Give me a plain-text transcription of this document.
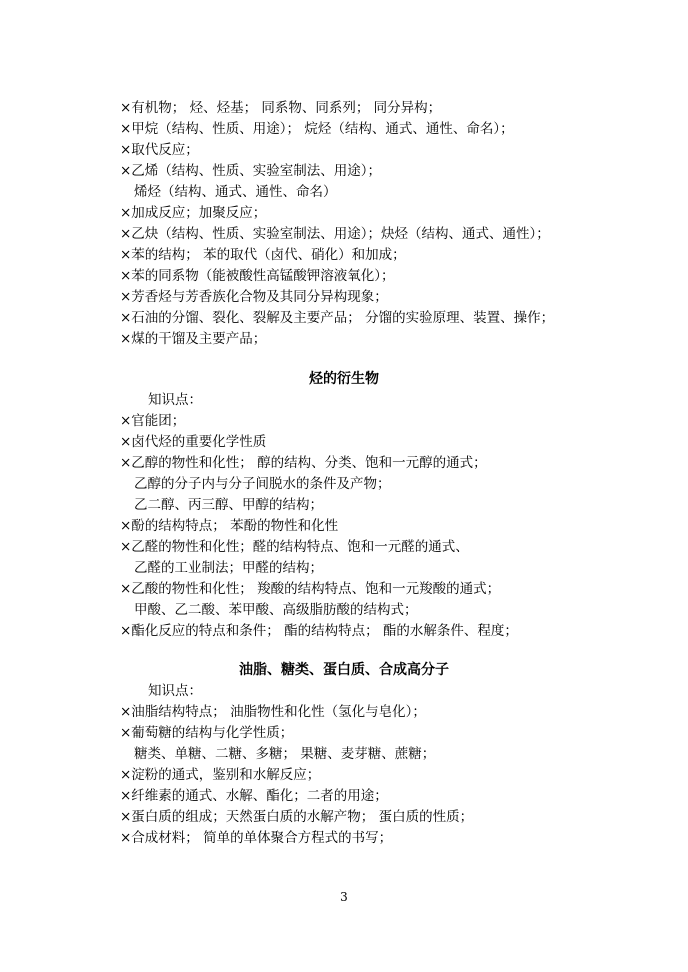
×有机物； 烃、烃基； 同系物、同系列； 同分异构；
×甲烷（结构、性质、用途）； 烷烃（结构、通式、通性、命名）；
×取代反应；
×乙烯（结构、性质、实验室制法、用途）；
烯烃（结构、通式、通性、命名）
×加成反应；加聚反应；
×乙炔（结构、性质、实验室制法、用途）；炔烃（结构、通式、通性）；
×苯的结构； 苯的取代（卤代、硝化）和加成；
×苯的同系物（能被酸性高锰酸钾溶液氧化）；
×芳香烃与芳香族化合物及其同分异构现象；
×石油的分馏、裂化、裂解及主要产品； 分馏的实验原理、装置、操作；
×煤的干馏及主要产品；
烃的衍生物
知识点：
×官能团；
×卤代烃的重要化学性质
×乙醇的物性和化性； 醇的结构、分类、饱和一元醇的通式；
乙醇的分子内与分子间脱水的条件及产物；
乙二醇、丙三醇、甲醇的结构；
×酚的结构特点； 苯酚的物性和化性
×乙醛的物性和化性；醛的结构特点、饱和一元醛的通式、
乙醛的工业制法；甲醛的结构；
×乙酸的物性和化性； 羧酸的结构特点、饱和一元羧酸的通式；
甲酸、乙二酸、苯甲酸、高级脂肪酸的结构式；
×酯化反应的特点和条件； 酯的结构特点； 酯的水解条件、程度；
油脂、糖类、蛋白质、合成高分子
知识点：
×油脂结构特点； 油脂物性和化性（氢化与皂化）；
×葡萄糖的结构与化学性质；
糖类、单糖、二糖、多糖； 果糖、麦芽糖、蔗糖；
×淀粉的通式，鉴别和水解反应；
×纤维素的通式、水解、酯化；二者的用途；
×蛋白质的组成；天然蛋白质的水解产物； 蛋白质的性质；
×合成材料； 简单的单体聚合方程式的书写；
3
